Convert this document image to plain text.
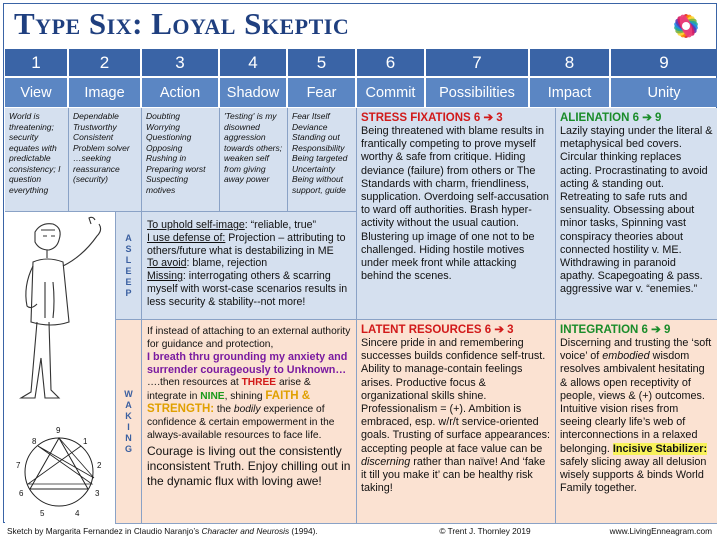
Type Six: Loyal Skeptic
1	2	3	4	5	6	7	8	9
View	Image	Action	Shadow	Fear	Commit	Possibilities	Impact	Unity
World is threatening; security equates with predictable consistency; I question everything
Dependable Trustworthy Consistent Problem solver …seeking reassurance (security)
Doubting Worrying Questioning Opposing Rushing in Preparing worst Suspecting motives
'Testing' is my disowned aggression towards others; weaken self from giving away power
Fear Itself Deviance Standing out Responsibility Being targeted Uncertainty Being without support, guide
9
1
2
3
4
5
6
7
8
A
S
L
E
E
P
W
A
K
I
N
G
To uphold self-image: “reliable, true”
I use defense of: Projection – attributing to others/future what is destabilizing in ME
To avoid: blame, rejection
Missing: interrogating others & scarring myself with worst-case scenarios results in less security & stability--not more!
STRESS FIXATIONS 6 ➔ 3
Being threatened with blame results in frantically competing to prove myself worthy & safe from critique. Hiding deviance (failure) from others or The Standards with charm, friendliness, supplication. Overdoing self-accusation to ward off authorities. Brash hyper-activity without the usual caution. Blustering up image of one not to be challenged. Hiding hostile motives under meek front while attacking behind the scenes.
ALIENATION 6 ➔ 9
Lazily staying under the literal & metaphysical bed covers. Circular thinking replaces acting. Procrastinating to avoid acting & standing out. Retreating to safe ruts and sensuality. Obsessing about minor tasks, Spinning vast conspiracy theories about connected hostility v. ME. Withdrawing in paranoid apathy. Scapegoating & pass. aggressive war v. “enemies.”
If instead of attaching to an external authority for guidance and protection,
I breath thru grounding my anxiety and surrender courageously to Unknown…
….then resources at THREE arise & integrate in NINE, shining FAITH & STRENGTH: the bodily experience of confidence & certain empowerment in the always-available resources to face life.
Courage is living out the consistently inconsistent Truth. Enjoy chilling out in the dynamic flux with loving awe!
LATENT RESOURCES 6 ➔ 3
Sincere pride in and remembering successes builds confidence self-trust. Ability to manage-contain feelings arises. Productive focus & organizational skills shine. Professionalism = (+). Ambition is embraced, esp. w/r/t service-oriented goals. Trusting of surface appearances: accepting people at face value can be discerning rather than naïve! And ‘fake it till you make it’ can be healthy risk taking!
INTEGRATION 6 ➔ 9
Discerning and trusting the ‘soft voice’ of embodied wisdom resolves ambivalent hesitating & allows open receptivity of people, views & (+) outcomes. Intuitive vision rises from seeing clearly life’s web of interconnections in a relaxed belonging. Incisive Stabilizer: safely slicing away all delusion wisely supports & binds World Family together.
Sketch by Margarita Fernandez in Claudio Naranjo’s Character and Neurosis (1994).	© Trent J. Thornley 2019	www.LivingEnneagram.com
